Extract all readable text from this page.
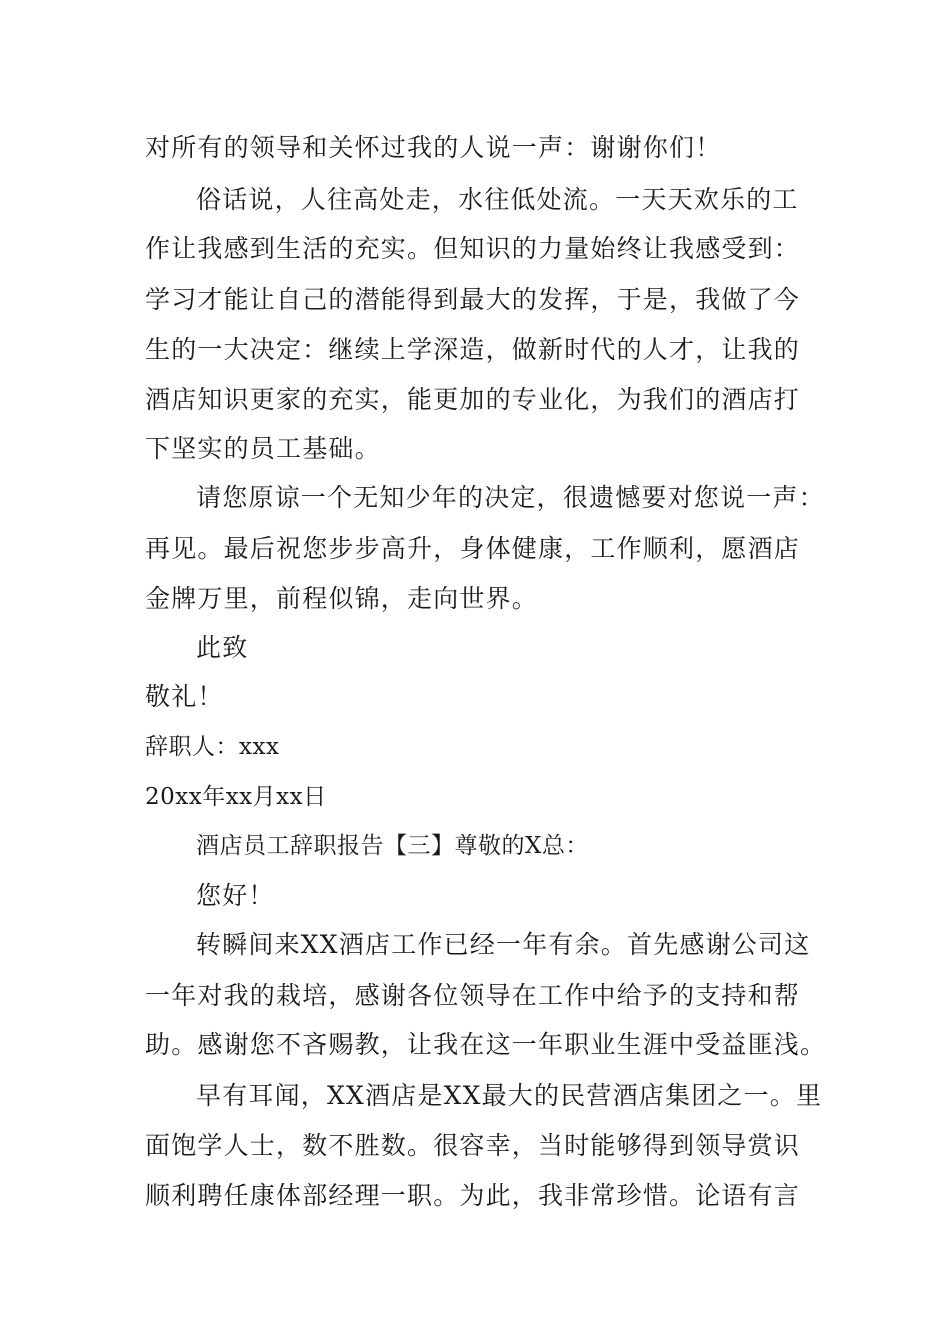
对所有的领导和关怀过我的人说一声：谢谢你们！
俗话说，人往高处走，水往低处流。一天天欢乐的工
作让我感到生活的充实。但知识的力量始终让我感受到：
学习才能让自己的潜能得到最大的发挥，于是，我做了今
生的一大决定：继续上学深造，做新时代的人才，让我的
酒店知识更家的充实，能更加的专业化，为我们的酒店打
下坚实的员工基础。
请您原谅一个无知少年的决定，很遗憾要对您说一声：
再见。最后祝您步步高升，身体健康，工作顺利，愿酒店
金牌万里，前程似锦，走向世界。
此致
敬礼！
辞职人：xxx
20xx年xx月xx日
酒店员工辞职报告【三】尊敬的X总：
您好！
转瞬间来XX酒店工作已经一年有余。首先感谢公司这
一年对我的栽培，感谢各位领导在工作中给予的支持和帮
助。感谢您不吝赐教，让我在这一年职业生涯中受益匪浅。
早有耳闻，XX酒店是XX最大的民营酒店集团之一。里
面饱学人士，数不胜数。很容幸，当时能够得到领导赏识
顺利聘任康体部经理一职。为此，我非常珍惜。论语有言
